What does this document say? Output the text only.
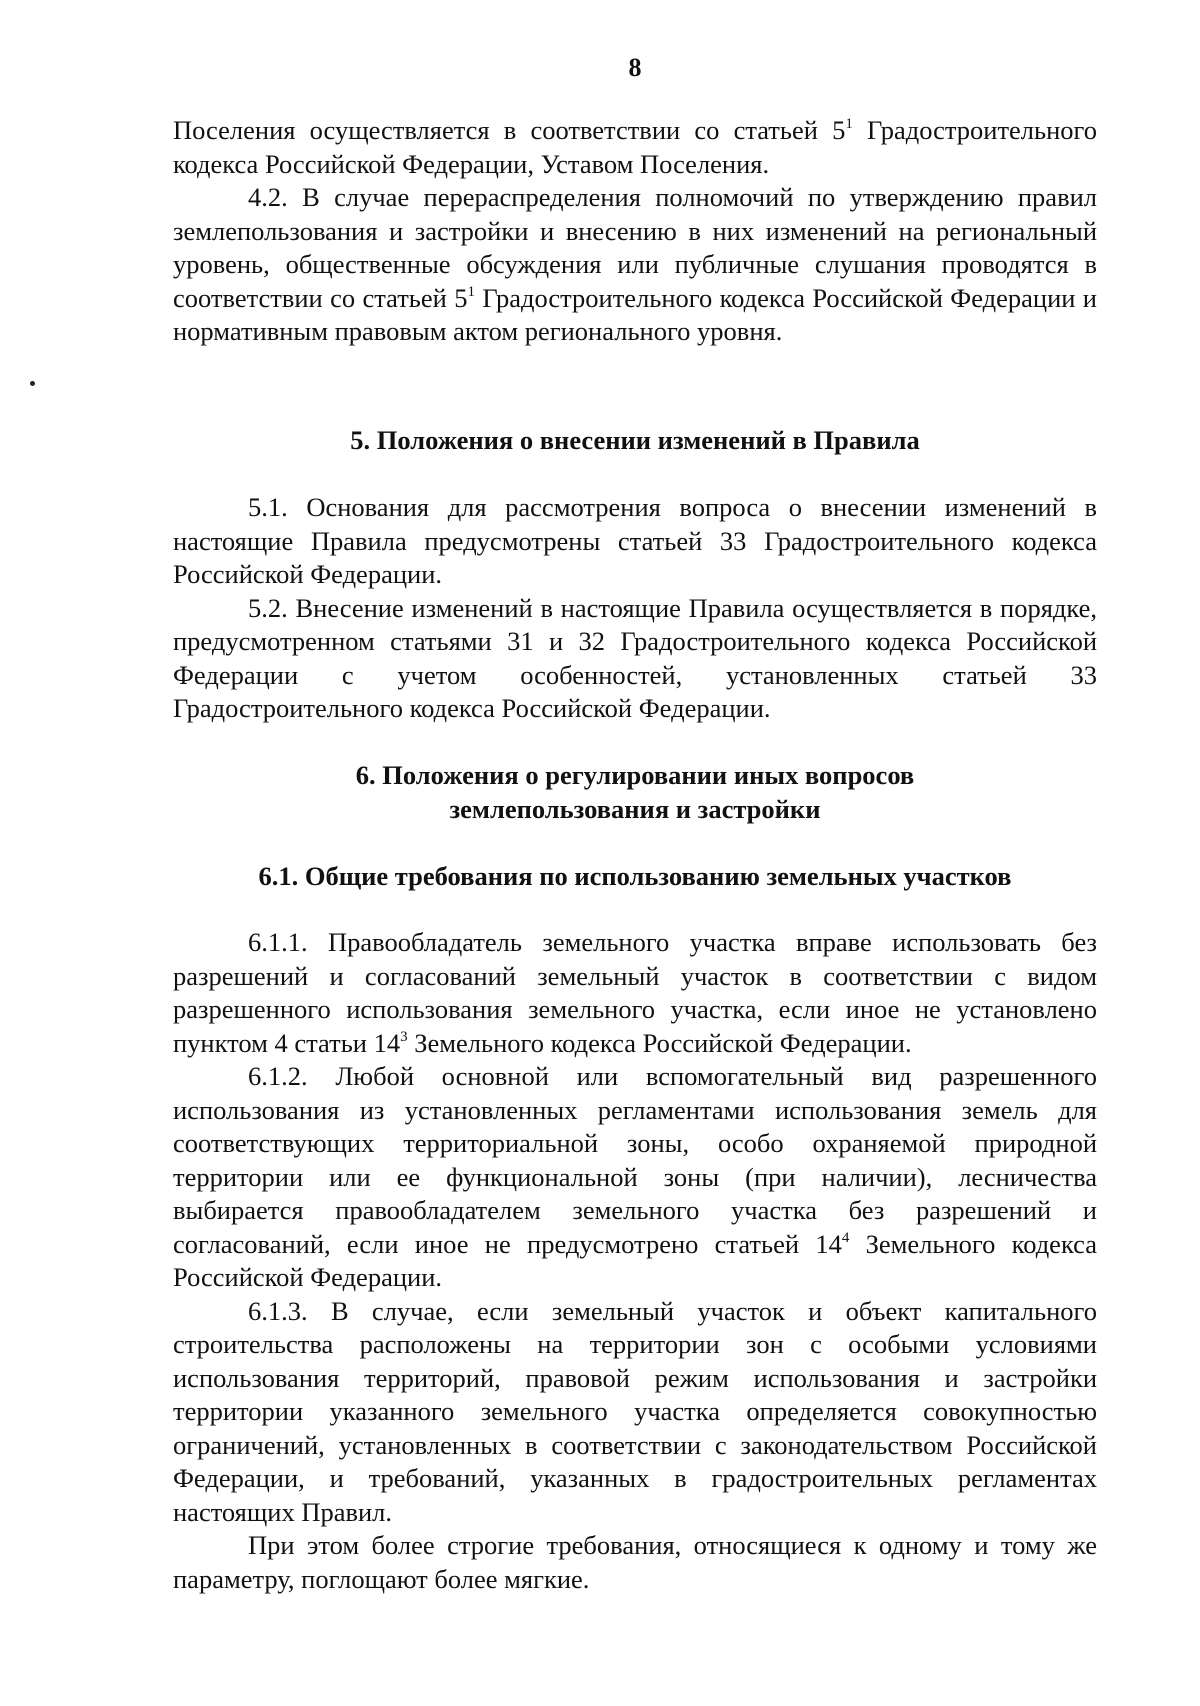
8

Поселения осуществляется в соответствии со статьей $5^1$ Градостроительного кодекса Российской Федерации, Уставом Поселения.

4.2. В случае перераспределения полномочий по утверждению правил землепользования и застройки и внесению в них изменений на региональный уровень, общественные обсуждения или публичные слушания проводятся в соответствии со статьей $5^1$ Градостроительного кодекса Российской Федерации и нормативным правовым актом регионального уровня.

5. Положения о внесении изменений в Правила

5.1. Основания для рассмотрения вопроса о внесении изменений в настоящие Правила предусмотрены статьей 33 Градостроительного кодекса Российской Федерации.

5.2. Внесение изменений в настоящие Правила осуществляется в порядке, предусмотренном статьями 31 и 32 Градостроительного кодекса Российской Федерации с учетом особенностей, установленных статьей 33 Градостроительного кодекса Российской Федерации.

6. Положения о регулировании иных вопросов
землепользования и застройки
6.1. Общие требования по использованию земельных участков

6.1.1. Правообладатель земельного участка вправе использовать без разрешений и согласований земельный участок в соответствии с видом разрешенного использования земельного участка, если иное не установлено пунктом 4 статьи $14^3$ Земельного кодекса Российской Федерации.

6.1.2. Любой основной или вспомогательный вид разрешенного использования из установленных регламентами использования земель для соответствующих территориальной зоны, особо охраняемой природной территории или ее функциональной зоны (при наличии), лесничества выбирается правообладателем земельного участка без разрешений и согласований, если иное не предусмотрено статьей $14^4$ Земельного кодекса Российской Федерации.

6.1.3. В случае, если земельный участок и объект капитального строительства расположены на территории зон с особыми условиями использования территорий, правовой режим использования и застройки территории указанного земельного участка определяется совокупностью ограничений, установленных в соответствии с законодательством Российской Федерации, и требований, указанных в градостроительных регламентах настоящих Правил.

При этом более строгие требования, относящиеся к одному и тому же параметру, поглощают более мягкие.
